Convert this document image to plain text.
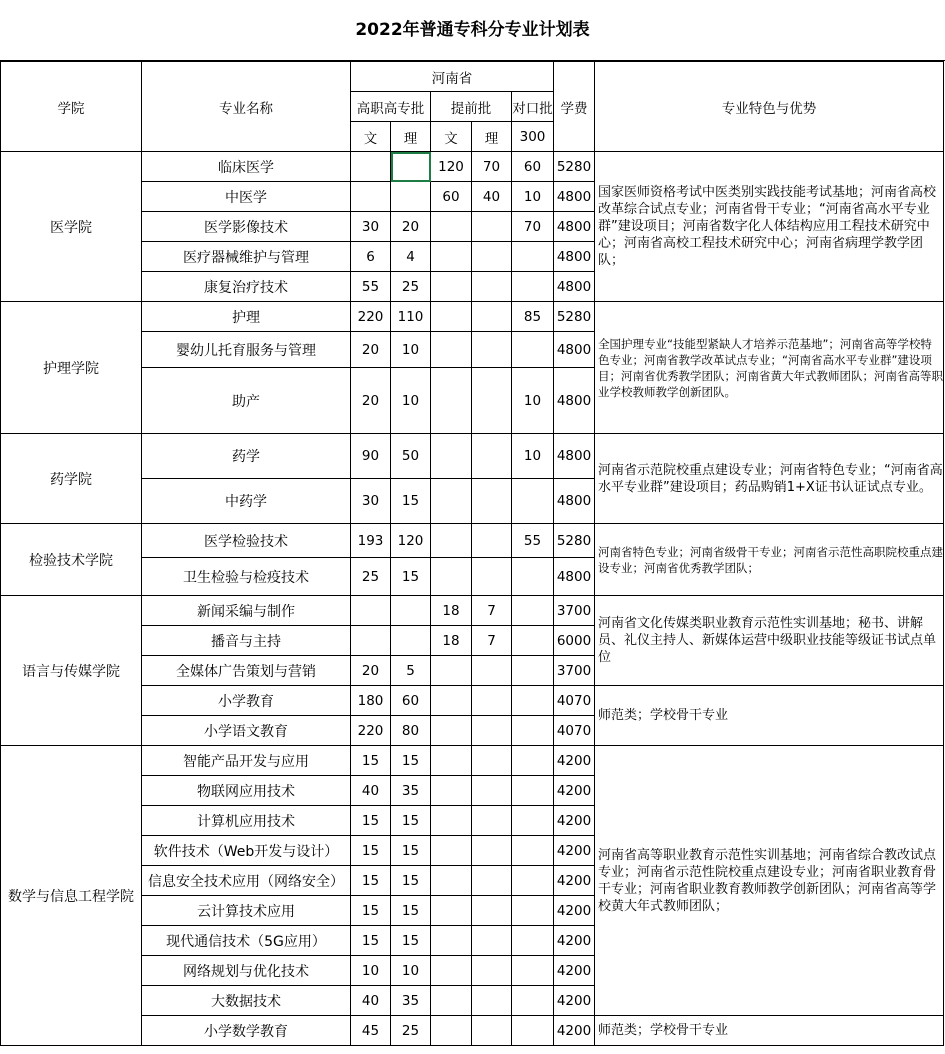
2022年普通专科分专业计划表
学院	专业名称	河南省					学费	专业特色与优势
		高职高专批		提前批		对口批		
		文	理	文	理	300		
医学院	临床医学			120	70	60	5280	国家医师资格考试中医类别实践技能考试基地；河南省高校改革综合试点专业；河南省骨干专业；“河南省高水平专业群”建设项目；河南省数字化人体结构应用工程技术研究中心；河南省高校工程技术研究中心；河南省病理学教学团队；
	中医学			60	40	10	4800	
	医学影像技术	30	20			70	4800	
	医疗器械维护与管理	6	4				4800	
	康复治疗技术	55	25				4800	
护理学院	护理	220	110			85	5280	全国护理专业“技能型紧缺人才培养示范基地”；河南省高等学校特色专业；河南省教学改革试点专业；“河南省高水平专业群”建设项目；河南省优秀教学团队；河南省黄大年式教师团队；河南省高等职业学校教师教学创新团队。
	婴幼儿托育服务与管理	20	10				4800	
	助产	20	10			10	4800	
药学院	药学	90	50			10	4800	河南省示范院校重点建设专业；河南省特色专业；“河南省高水平专业群”建设项目；药品购销1+X证书认证试点专业。
	中药学	30	15				4800	
检验技术学院	医学检验技术	193	120			55	5280	河南省特色专业；河南省级骨干专业；河南省示范性高职院校重点建设专业；河南省优秀教学团队；
	卫生检验与检疫技术	25	15				4800	
语言与传媒学院	新闻采编与制作			18	7		3700	河南省文化传媒类职业教育示范性实训基地；秘书、讲解员、礼仪主持人、新媒体运营中级职业技能等级证书试点单位
	播音与主持			18	7		6000	
	全媒体广告策划与营销	20	5				3700	
	小学教育	180	60				4070	师范类；学校骨干专业
	小学语文教育	220	80				4070	
数学与信息工程学院	智能产品开发与应用	15	15				4200	河南省高等职业教育示范性实训基地；河南省综合教改试点专业；河南省示范性院校重点建设专业；河南省职业教育骨干专业；河南省职业教育教师教学创新团队；河南省高等学校黄大年式教师团队；
	物联网应用技术	40	35				4200	
	计算机应用技术	15	15				4200	
	软件技术（Web开发与设计）	15	15				4200	
	信息安全技术应用（网络安全）	15	15				4200	
	云计算技术应用	15	15				4200	
	现代通信技术（5G应用）	15	15				4200	
	网络规划与优化技术	10	10				4200	
	大数据技术	40	35				4200	
	小学数学教育	45	25				4200	师范类；学校骨干专业
